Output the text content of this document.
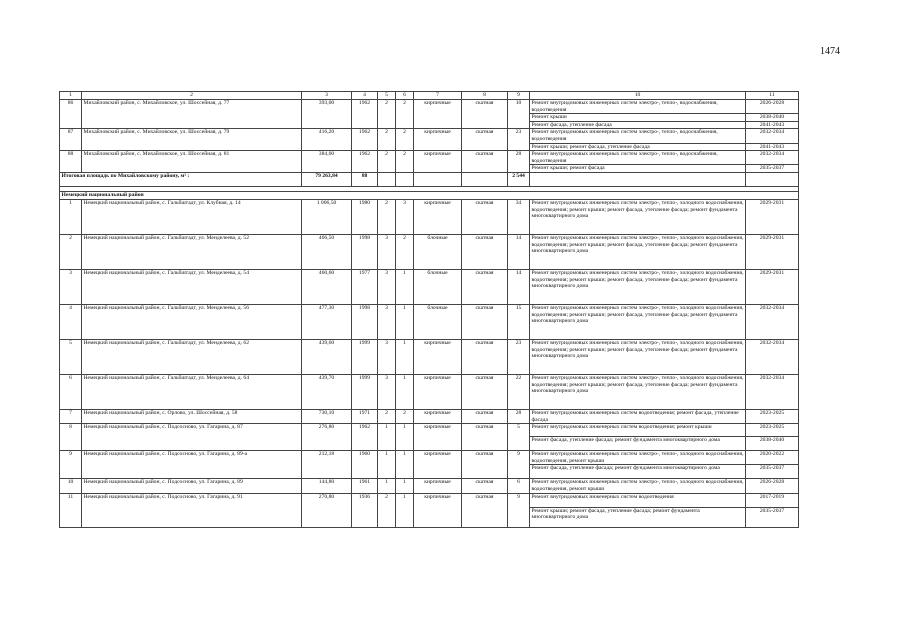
1474
1	2	3	4	5	6	7	8	9	10	11
86	Михайловский район, с. Михайловское, ул. Шоссейная, д. 77	393,00	1962	2	2	кирпичные	скатная	10	Ремонт внутридомовых инженерных систем электро-, тепло-, водоснабжения, водоотведения	2026-2028
									Ремонт крыши	2038-2040
									Ремонт фасада, утепление фасада	2041-2043
87	Михайловский район, с. Михайловское, ул. Шоссейная, д. 79	416,20	1962	2	2	кирпичные	скатная	23	Ремонт внутридомовых инженерных систем электро-, тепло-, водоснабжения, водоотведения	2032-2034
									Ремонт крыши; ремонт фасада, утепление фасада	2041-2043
88	Михайловский район, с. Михайловское, ул. Шоссейная, д. 81	384,00	1962	2	2	кирпичные	скатная	28	Ремонт внутридомовых инженерных систем электро-, тепло-, водоснабжения, водоотведения	2032-2034
									Ремонт крыши; ремонт фасада	2035-2037
Итоговая площадь по Михайловскому району, м² :		79 263,84	88					2 544		

Немецкий национальный район										
1	Немецкий национальный район, с. Гальбштадт, ул. Клубная, д. 14	1 006,50	1980	2	3	кирпичные	скатная	34	Ремонт внутридомовых инженерных систем электро-, тепло-, холодного водоснабжения, водоотведения; ремонт крыши; ремонт фасада, утепление фасада; ремонт фундамента многоквартирного дома	2029-2031
2	Немецкий национальный район, с. Гальбштадт, ул. Менделеева, д. 52	466,50	1998	3	2	блочные	скатная	14	Ремонт внутридомовых инженерных систем электро-, тепло-, холодного водоснабжения, водоотведения; ремонт крыши; ремонт фасада, утепление фасада; ремонт фундамента многоквартирного дома	2029-2031
3	Немецкий национальный район, с. Гальбштадт, ул. Менделеева, д. 54	460,60	1977	3	1	блочные	скатная	14	Ремонт внутридомовых инженерных систем электро-, тепло-, холодного водоснабжения, водоотведения; ремонт крыши; ремонт фасада, утепление фасада; ремонт фундамента многоквартирного дома	2029-2031
4	Немецкий национальный район, с. Гальбштадт, ул. Менделеева, д. 56	477,30	1998	3	1	блочные	скатная	15	Ремонт внутридомовых инженерных систем электро-, тепло-, холодного водоснабжения, водоотведения; ремонт крыши; ремонт фасада, утепление фасада; ремонт фундамента многоквартирного дома	2032-2034
5	Немецкий национальный район, с. Гальбштадт, ул. Менделеева, д. 62	439,60	1999	3	1	кирпичные	скатная	23	Ремонт внутридомовых инженерных систем электро-, тепло-, холодного водоснабжения, водоотведения; ремонт крыши; ремонт фасада, утепление фасада; ремонт фундамента многоквартирного дома	2032-2034
6	Немецкий национальный район, с. Гальбштадт, ул. Менделеева, д. 64	439,70	1999	3	1	кирпичные	скатная	22	Ремонт внутридомовых инженерных систем электро-, тепло-, холодного водоснабжения, водоотведения; ремонт крыши; ремонт фасада, утепление фасада; ремонт фундамента многоквартирного дома	2032-2034
7	Немецкий национальный район, с. Орлово, ул. Шоссейная, д. 58	730,10	1971	2	2	кирпичные	скатная	28	Ремонт внутридомовых инженерных систем водоотведения; ремонт фасада, утепление фасада	2023-2025
8	Немецкий национальный район, с. Подсосново, ул. Гагарина, д. 87	276,80	1962	1	1	кирпичные	скатная	5	Ремонт внутридомовых инженерных систем водоотведения; ремонт крыши	2023-2025
									Ремонт фасада, утепление фасада; ремонт фундамента многоквартирного дома	2038-2040
9	Немецкий национальный район, с. Подсосново, ул. Гагарина, д. 89-а	212,18	1960	1	1	кирпичные	скатная	9	Ремонт внутридомовых инженерных систем электро-, тепло-, холодного водоснабжения, водоотведения, ремонт крыши	2020-2022
									Ремонт фасада, утепление фасада; ремонт фундамента многоквартирного дома	2035-2037
10	Немецкий национальный район, с. Подсосново, ул. Гагарина, д. 89	144,80	1961	1	1	кирпичные	скатная	6	Ремонт внутридомовых инженерных систем электро-, тепло-, холодного водоснабжения, водоотведения, ремонт крыши	2026-2028
11	Немецкий национальный район, с. Подсосново, ул. Гагарина, д. 91	270,80	1936	2	1	кирпичные	скатная	9	Ремонт внутридомовых инженерных систем водоотведения	2017-2019
									Ремонт крыши; ремонт фасада, утепление фасада; ремонт фундамента многоквартирного дома	2035-2037
